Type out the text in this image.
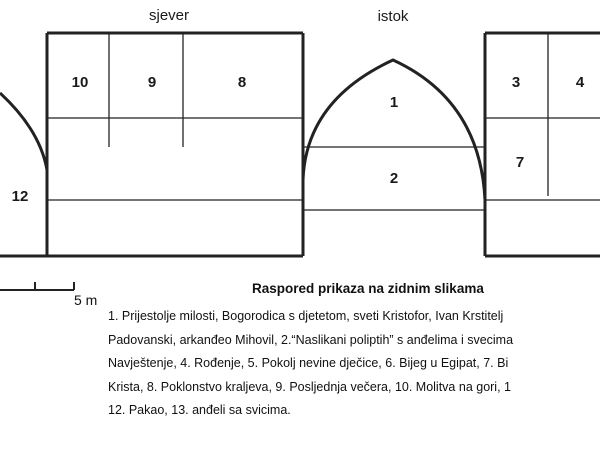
sjever	istok
10	9	8
12
1
2
3	4
7
5 m
Raspored prikaza na zidnim slikama
1. Prijestolje milosti, Bogorodica s djetetom, sveti Kristofor, Ivan Krstitelj
Padovanski, arkanđeo Mihovil, 2.“Naslikani poliptih” s anđelima i svecima
Navještenje, 4. Rođenje, 5. Pokolj nevine dječice, 6. Bijeg u Egipat, 7. Bi
Krista, 8. Poklonstvo kraljeva, 9. Posljednja večera, 10. Molitva na gori, 1
12. Pakao, 13. anđeli sa svicima.
